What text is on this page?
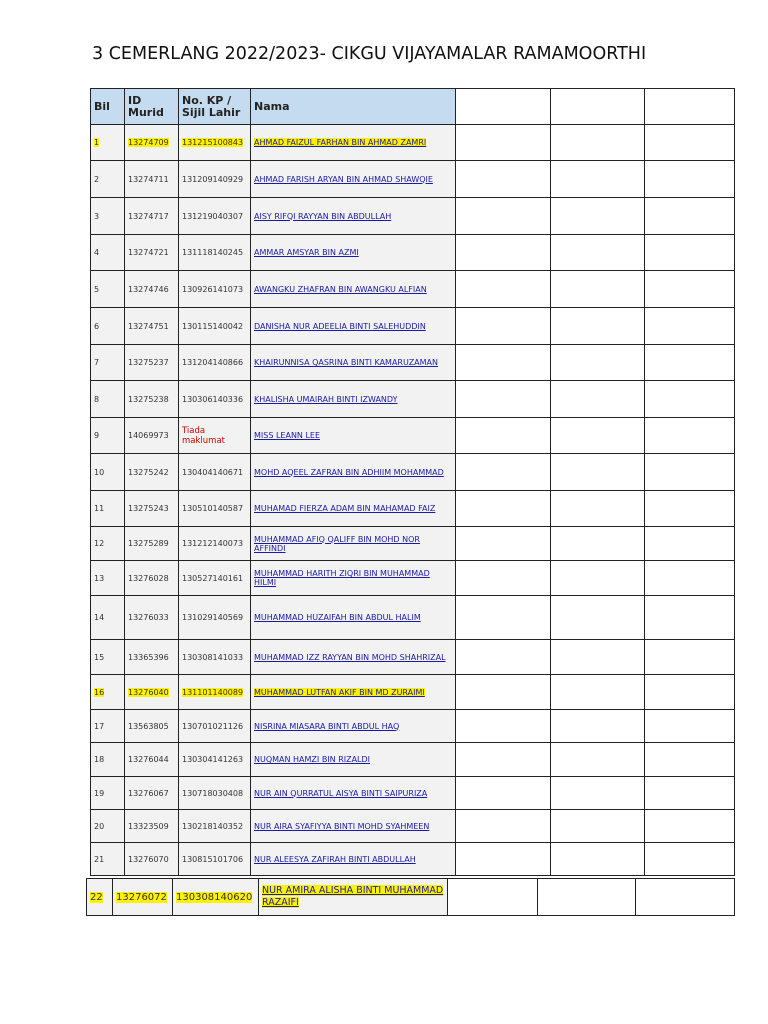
3 CEMERLANG 2022/2023- CIKGU VIJAYAMALAR RAMAMOORTHI
Bil	ID Murid	No. KP / Sijil Lahir	Nama			
1	13274709	131215100843	AHMAD FAIZUL FARHAN BIN AHMAD ZAMRI			
2	13274711	131209140929	AHMAD FARISH ARYAN BIN AHMAD SHAWQIE			
3	13274717	131219040307	AISY RIFQI RAYYAN BIN ABDULLAH			
4	13274721	131118140245	AMMAR AMSYAR BIN AZMI			
5	13274746	130926141073	AWANGKU ZHAFRAN BIN AWANGKU ALFIAN			
6	13274751	130115140042	DANISHA NUR ADEELIA BINTI SALEHUDDIN			
7	13275237	131204140866	KHAIRUNNISA QASRINA BINTI KAMARUZAMAN			
8	13275238	130306140336	KHALISHA UMAIRAH BINTI IZWANDY			
9	14069973	Tiada maklumat	MISS LEANN LEE			
10	13275242	130404140671	MOHD AQEEL ZAFRAN BIN ADHIIM MOHAMMAD			
11	13275243	130510140587	MUHAMAD FIERZA ADAM BIN MAHAMAD FAIZ			
12	13275289	131212140073	MUHAMMAD AFIQ QALIFF BIN MOHD NOR AFFINDI			
13	13276028	130527140161	MUHAMMAD HARITH ZIQRI BIN MUHAMMAD HILMI			
14	13276033	131029140569	MUHAMMAD HUZAIFAH BIN ABDUL HALIM			
15	13365396	130308141033	MUHAMMAD IZZ RAYYAN BIN MOHD SHAHRIZAL			
16	13276040	131101140089	MUHAMMAD LUTFAN AKIF BIN MD ZURAIMI			
17	13563805	130701021126	NISRINA MIASARA BINTI ABDUL HAQ			
18	13276044	130304141263	NUQMAN HAMZI BIN RIZALDI			
19	13276067	130718030408	NUR AIN QURRATUL AISYA BINTI SAIPURIZA			
20	13323509	130218140352	NUR AIRA SYAFIYYA BINTI MOHD SYAHMEEN			
21	13276070	130815101706	NUR ALEESYA ZAFIRAH BINTI ABDULLAH			
22	13276072	130308140620	NUR AMIRA ALISHA BINTI MUHAMMAD RAZAIFI			
